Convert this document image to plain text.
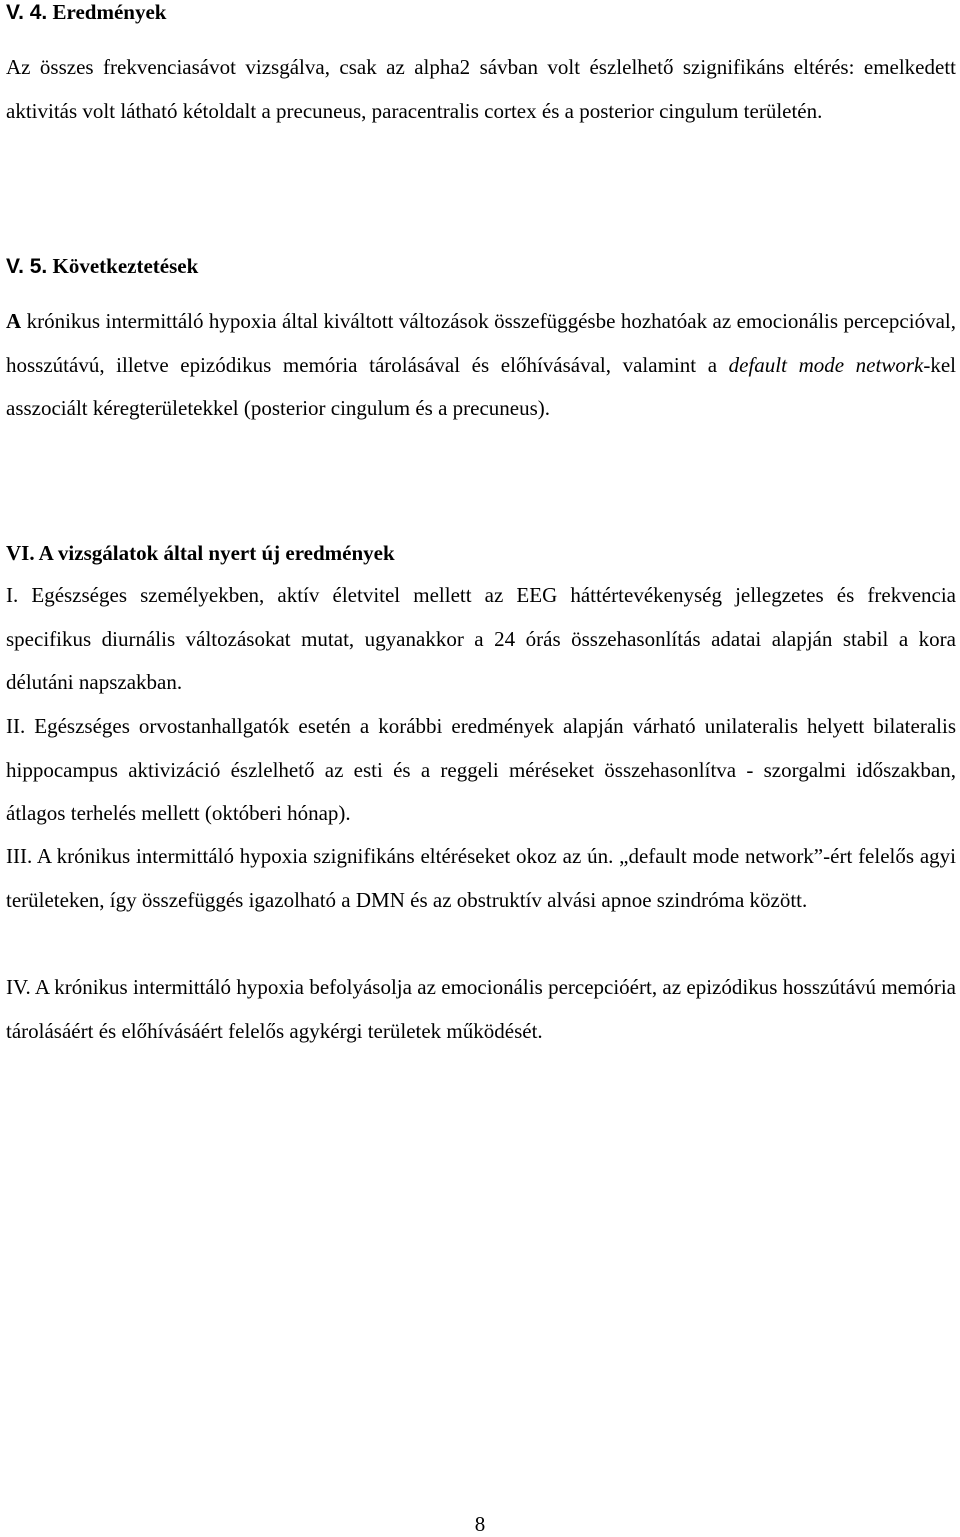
V. 4. Eredmények

Az összes frekvenciasávot vizsgálva, csak az alpha2 sávban volt észlelhető szignifikáns eltérés: emelkedett aktivitás volt látható kétoldalt a precuneus, paracentralis cortex és a posterior cingulum területén.

V. 5. Következtetések

A krónikus intermittáló hypoxia által kiváltott változások összefüggésbe hozhatóak az emocionális percepcióval, hosszútávú, illetve epizódikus memória tárolásával és előhívásával, valamint a default mode network-kel asszociált kéregterületekkel (posterior cingulum és a precuneus).

VI. A vizsgálatok által nyert új eredmények

I. Egészséges személyekben, aktív életvitel mellett az EEG háttértevékenység jellegzetes és frekvencia specifikus diurnális változásokat mutat, ugyanakkor a 24 órás összehasonlítás adatai alapján stabil a kora délutáni napszakban.

II. Egészséges orvostanhallgatók esetén a korábbi eredmények alapján várható unilateralis helyett bilateralis hippocampus aktivizáció észlelhető az esti és a reggeli méréseket összehasonlítva - szorgalmi időszakban, átlagos terhelés mellett (októberi hónap).

III. A krónikus intermittáló hypoxia szignifikáns eltéréseket okoz az ún. „default mode network”-ért felelős agyi területeken, így összefüggés igazolható a DMN és az obstruktív alvási apnoe szindróma között.

IV. A krónikus intermittáló hypoxia befolyásolja az emocionális percepcióért, az epizódikus hosszútávú memória tárolásáért és előhívásáért felelős agykérgi területek működését.

8
